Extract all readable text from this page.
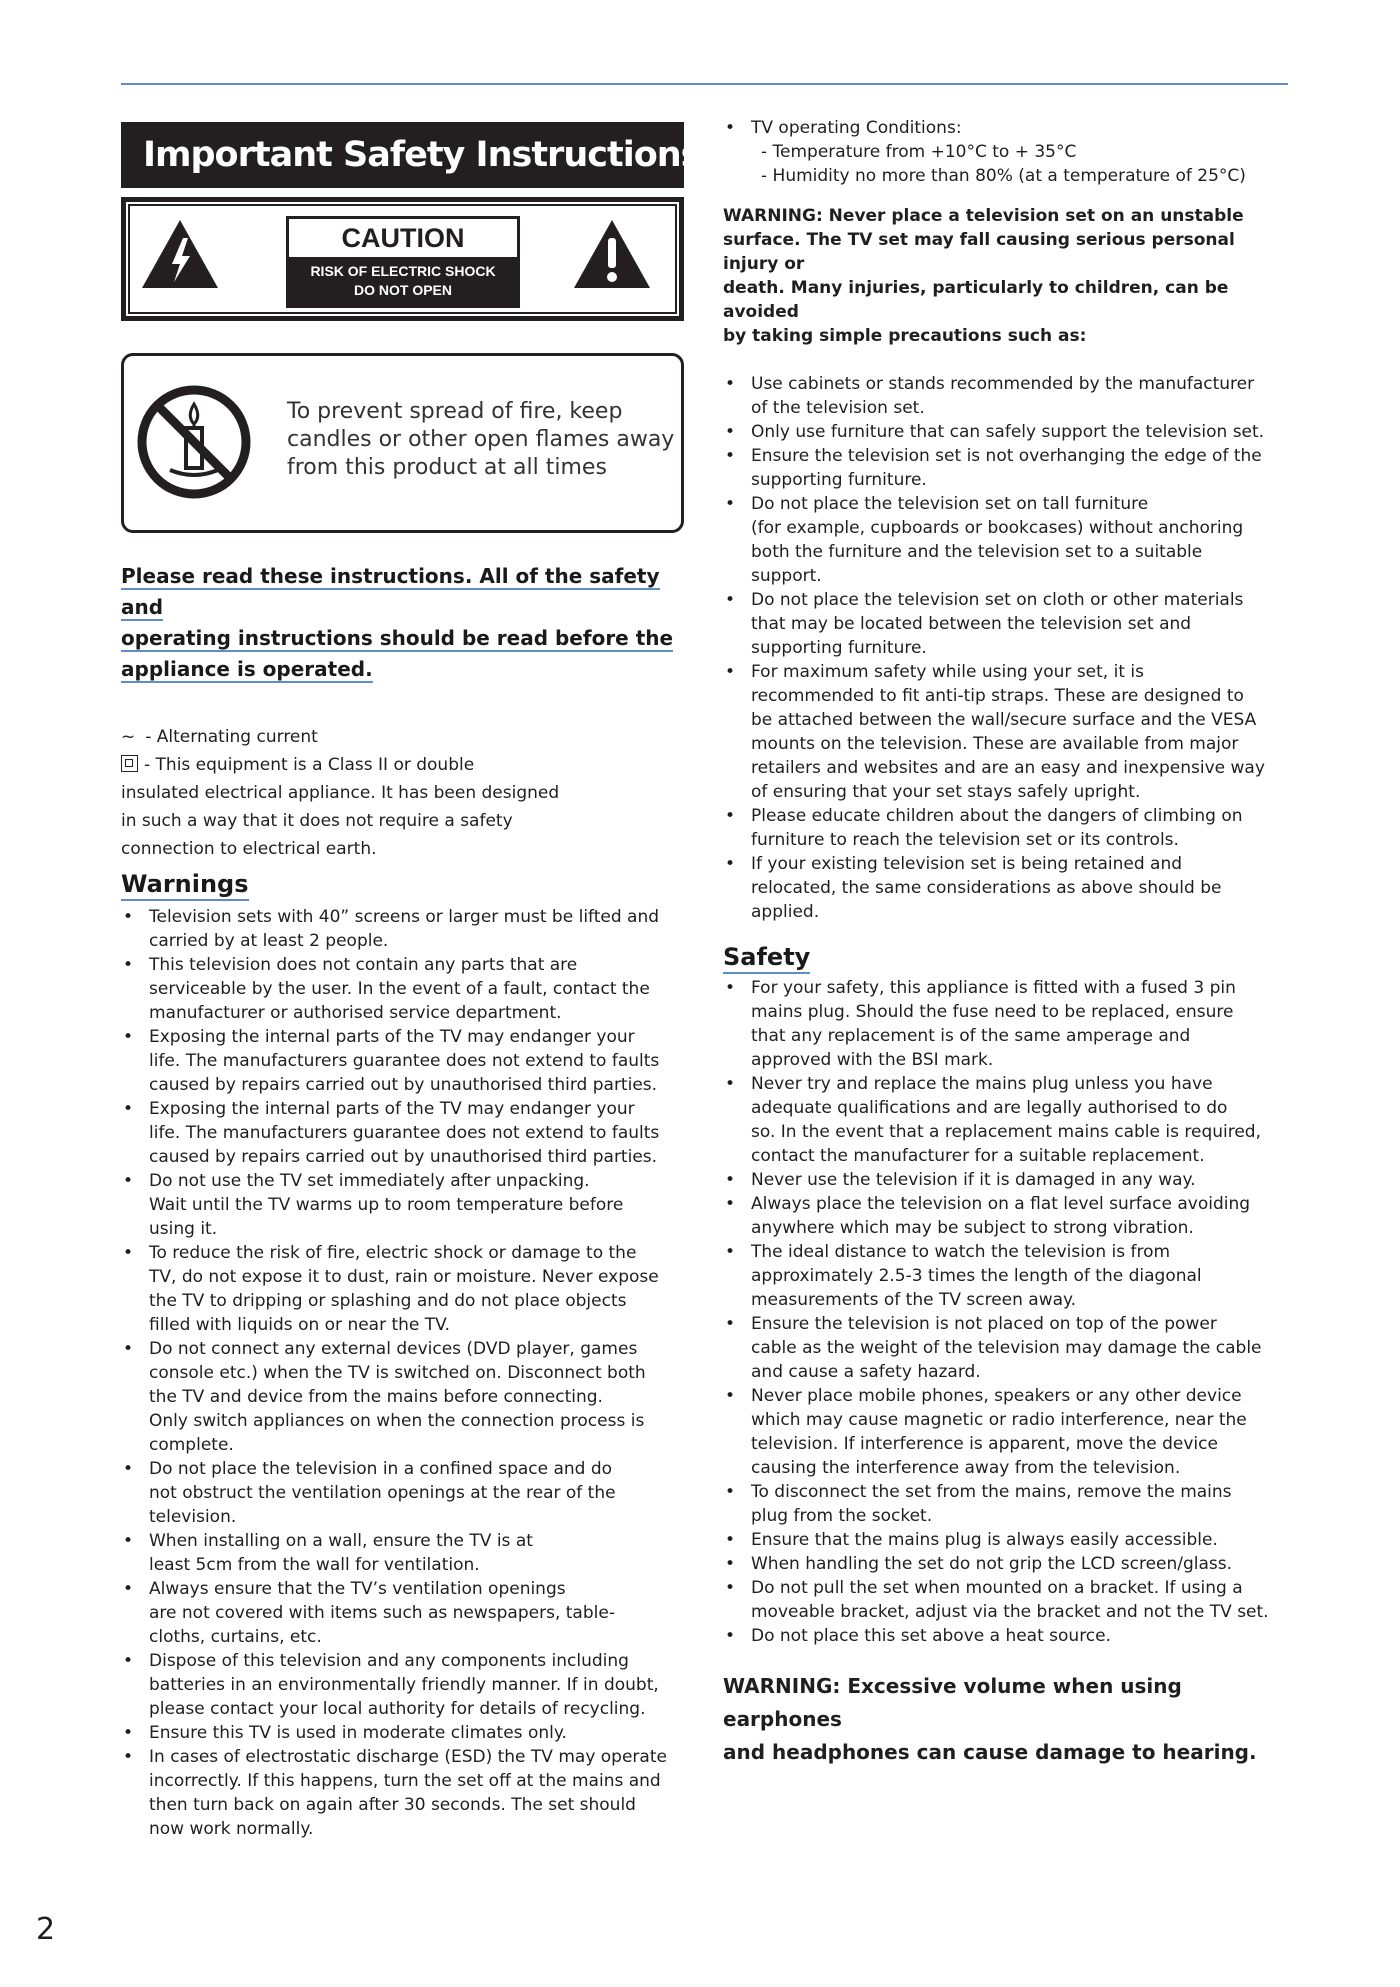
Important Safety Instructions
CAUTION
RISK OF ELECTRIC SHOCK
DO NOT OPEN
To prevent spread of fire, keep candles or other open flames away from this product at all times
Please read these instructions. All of the safety and
operating instructions should be read before the
appliance is operated.
~ - Alternating current
- This equipment is a Class II or double
insulated electrical appliance. It has been designed
in such a way that it does not require a safety
connection to electrical earth.
Warnings
• Television sets with 40” screens or larger must be lifted and
carried by at least 2 people.
• This television does not contain any parts that are
serviceable by the user. In the event of a fault, contact the
manufacturer or authorised service department.
• Exposing the internal parts of the TV may endanger your
life. The manufacturers guarantee does not extend to faults
caused by repairs carried out by unauthorised third parties.
• Exposing the internal parts of the TV may endanger your
life. The manufacturers guarantee does not extend to faults
caused by repairs carried out by unauthorised third parties.
• Do not use the TV set immediately after unpacking.
Wait until the TV warms up to room temperature before
using it.
• To reduce the risk of fire, electric shock or damage to the
TV, do not expose it to dust, rain or moisture. Never expose
the TV to dripping or splashing and do not place objects
filled with liquids on or near the TV.
• Do not connect any external devices (DVD player, games
console etc.) when the TV is switched on. Disconnect both
the TV and device from the mains before connecting.
Only switch appliances on when the connection process is
complete.
• Do not place the television in a confined space and do
not obstruct the ventilation openings at the rear of the
television.
• When installing on a wall, ensure the TV is at
least 5cm from the wall for ventilation.
• Always ensure that the TV’s ventilation openings
are not covered with items such as newspapers, table-
cloths, curtains, etc.
• Dispose of this television and any components including
batteries in an environmentally friendly manner. If in doubt,
please contact your local authority for details of recycling.
• Ensure this TV is used in moderate climates only.
• In cases of electrostatic discharge (ESD) the TV may operate
incorrectly. If this happens, turn the set off at the mains and
then turn back on again after 30 seconds. The set should
now work normally.
• TV operating Conditions:
- Temperature from +10°C to + 35°C
- Humidity no more than 80% (at a temperature of 25°C)
WARNING: Never place a television set on an unstable
surface. The TV set may fall causing serious personal injury or
death. Many injuries, particularly to children, can be avoided
by taking simple precautions such as:
• Use cabinets or stands recommended by the manufacturer
of the television set.
• Only use furniture that can safely support the television set.
• Ensure the television set is not overhanging the edge of the
supporting furniture.
• Do not place the television set on tall furniture
(for example, cupboards or bookcases) without anchoring
both the furniture and the television set to a suitable
support.
• Do not place the television set on cloth or other materials
that may be located between the television set and
supporting furniture.
• For maximum safety while using your set, it is
recommended to fit anti-tip straps. These are designed to
be attached between the wall/secure surface and the VESA
mounts on the television. These are available from major
retailers and websites and are an easy and inexpensive way
of ensuring that your set stays safely upright.
• Please educate children about the dangers of climbing on
furniture to reach the television set or its controls.
• If your existing television set is being retained and
relocated, the same considerations as above should be
applied.
Safety
• For your safety, this appliance is fitted with a fused 3 pin
mains plug. Should the fuse need to be replaced, ensure
that any replacement is of the same amperage and
approved with the BSI mark.
• Never try and replace the mains plug unless you have
adequate qualifications and are legally authorised to do
so. In the event that a replacement mains cable is required,
contact the manufacturer for a suitable replacement.
• Never use the television if it is damaged in any way.
• Always place the television on a flat level surface avoiding
anywhere which may be subject to strong vibration.
• The ideal distance to watch the television is from
approximately 2.5-3 times the length of the diagonal
measurements of the TV screen away.
• Ensure the television is not placed on top of the power
cable as the weight of the television may damage the cable
and cause a safety hazard.
• Never place mobile phones, speakers or any other device
which may cause magnetic or radio interference, near the
television. If interference is apparent, move the device
causing the interference away from the television.
• To disconnect the set from the mains, remove the mains
plug from the socket.
• Ensure that the mains plug is always easily accessible.
• When handling the set do not grip the LCD screen/glass.
• Do not pull the set when mounted on a bracket. If using a
moveable bracket, adjust via the bracket and not the TV set.
• Do not place this set above a heat source.
WARNING: Excessive volume when using earphones
and headphones can cause damage to hearing.
2
